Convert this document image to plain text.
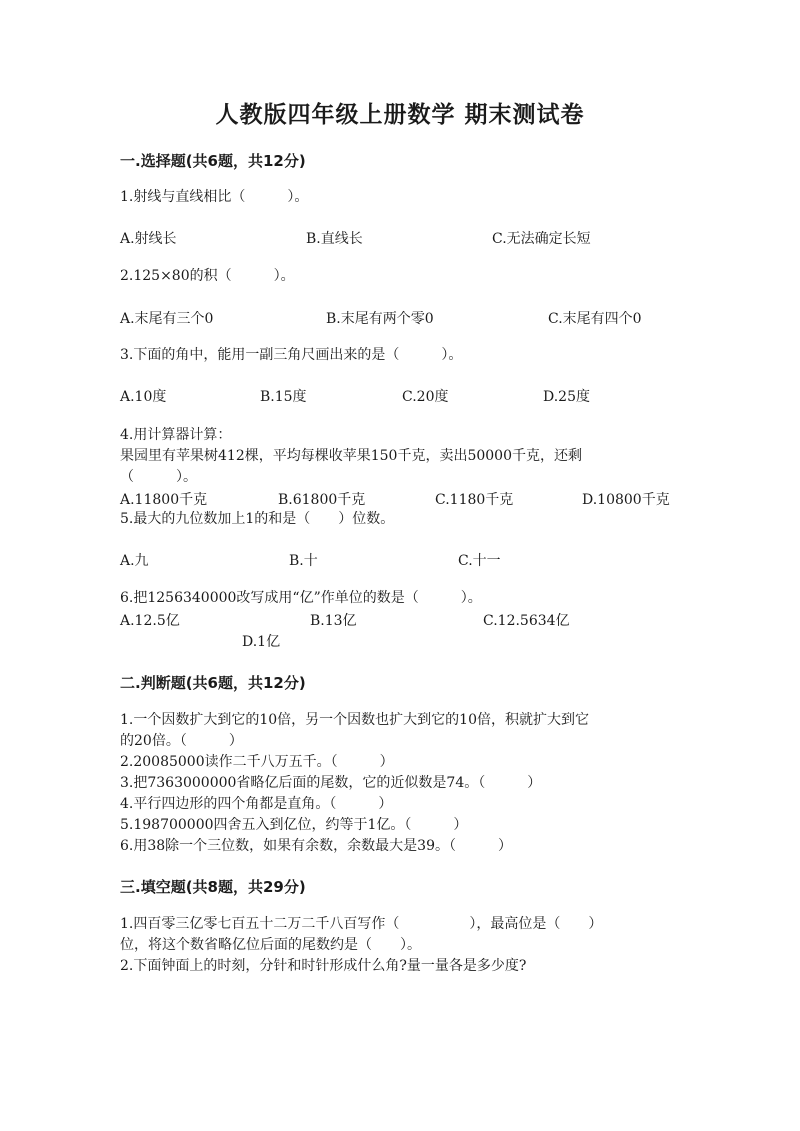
人教版四年级上册数学 期末测试卷
一.选择题(共6题，共12分)
1.射线与直线相比（　　　）。
A.射线长	B.直线长	C.无法确定长短
2.125×80的积（　　　）。
A.末尾有三个0	B.末尾有两个零0	C.末尾有四个0
3.下面的角中，能用一副三角尺画出来的是（　　　）。
A.10度	B.15度	C.20度	D.25度
4.用计算器计算：
果园里有苹果树412棵，平均每棵收苹果150千克，卖出50000千克，还剩
（　　　）。
A.11800千克	B.61800千克	C.1180千克	D.10800千克
5.最大的九位数加上1的和是（　　）位数。
A.九	B.十	C.十一
6.把1256340000改写成用“亿”作单位的数是（　　　）。
A.12.5亿	B.13亿	C.12.5634亿
D.1亿
二.判断题(共6题，共12分)
1.一个因数扩大到它的10倍，另一个因数也扩大到它的10倍，积就扩大到它
的20倍。（　　　）
2.20085000读作二千八万五千。（　　　）
3.把7363000000省略亿后面的尾数，它的近似数是74。（　　　）
4.平行四边形的四个角都是直角。（　　　）
5.198700000四舍五入到亿位，约等于1亿。（　　　）
6.用38除一个三位数，如果有余数，余数最大是39。（　　　）
三.填空题(共8题，共29分)
1.四百零三亿零七百五十二万二千八百写作（　　　　　），最高位是（　　）
位，将这个数省略亿位后面的尾数约是（　　）。
2.下面钟面上的时刻，分针和时针形成什么角?量一量各是多少度?
